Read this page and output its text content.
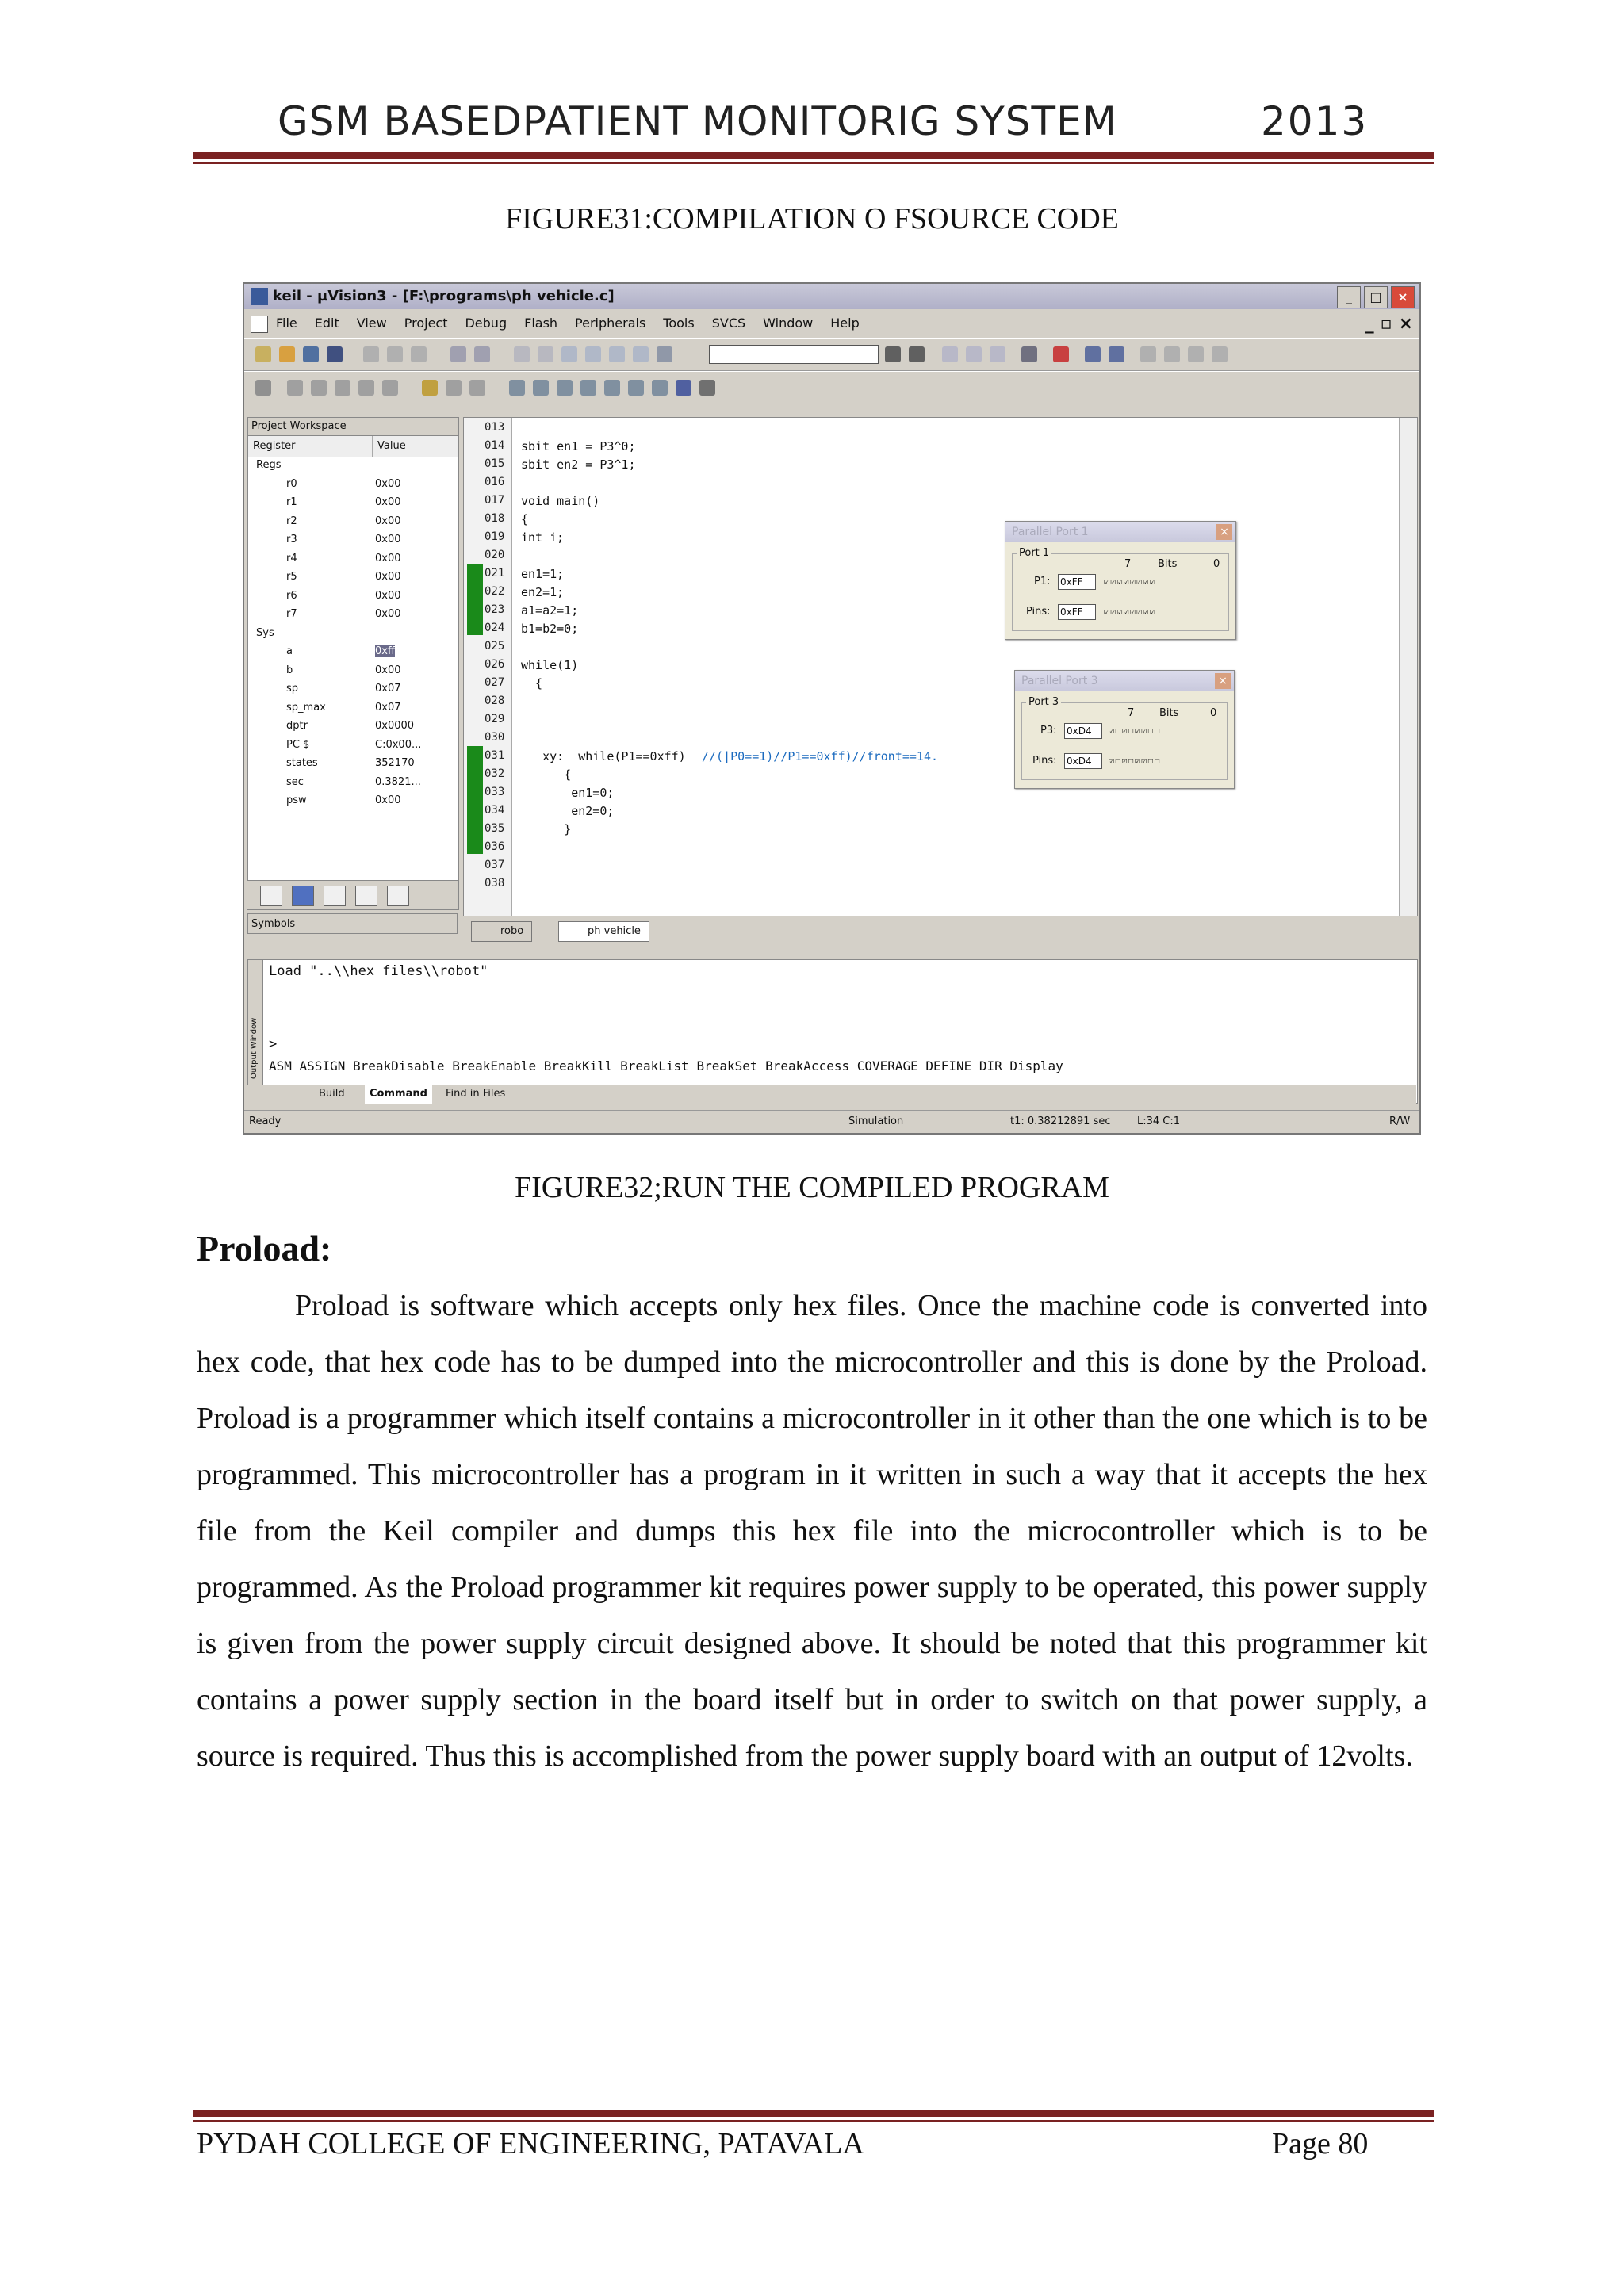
GSM BASEDPATIENT MONITORIG SYSTEM	2013
FIGURE31:COMPILATION O FSOURCE CODE
keil - µVision3 - [F:\programs\ph vehicle.c]	_	□	×
File Edit View Project Debug Flash Peripherals Tools SVCS Window Help	_ ▫ ×
Project Workspace
Register	Value
Regs
r0	0x00
r1	0x00
r2	0x00
r3	0x00
r4	0x00
r5	0x00
r6	0x00
r7	0x00
Sys
a	0xff
b	0x00
sp	0x07
sp_max	0x07
dptr	0x0000
PC $	C:0x00...
states	352170
sec	0.3821...
psw	0x00
Symbols
013
014
015
016
017
018
019
020
021
022
023
024
025
026
027
028
029
030
031
032
033
034
035
036
037
038
sbit en1 = P3^0;
sbit en2 = P3^1;
void main()
{
int i;
en1=1;
en2=1;
a1=a2=1;
b1=b2=0;
while(1)
{
xy:  while(P1==0xff) //(|P0==1)//P1==0xff)//front==14.
{
en1=0;
en2=0;
}
Parallel Port 1	×
Port 1
7	Bits	0
P1: 0xFF	☑☑☑☑☑☑☑☑
Pins: 0xFF	☑☑☑☑☑☑☑☑
Parallel Port 3	×
Port 3
7 Bits	0
P3: 0xD4	☑☐☑☐☑☑☐☐
Pins: 0xD4	☑☐☑☐☑☑☐☐
robo	ph vehicle
Output Window
Load "..\\hex files\\robot"
>
ASM ASSIGN BreakDisable BreakEnable BreakKill BreakList BreakSet BreakAccess COVERAGE DEFINE DIR Display
Build	Command	Find in Files
Ready	Simulation	t1: 0.38212891 sec	L:34 C:1	R/W
FIGURE32;RUN THE COMPILED PROGRAM
Proload:
Proload is software which accepts only hex files. Once the machine code is converted into hex code, that hex code has to be dumped into the microcontroller and this is done by the Proload. Proload is a programmer which itself contains a microcontroller in it other than the one which is to be programmed. This microcontroller has a program in it written in such a way that it accepts the hex file from the Keil compiler and dumps this hex file into the microcontroller which is to be programmed. As the Proload programmer kit requires power supply to be operated, this power supply is given from the power supply circuit designed above. It should be noted that this programmer kit contains a power supply section in the board itself but in order to switch on that power supply, a source is required. Thus this is accomplished from the power supply board with an output of 12volts.
PYDAH COLLEGE OF ENGINEERING, PATAVALA	Page 80
